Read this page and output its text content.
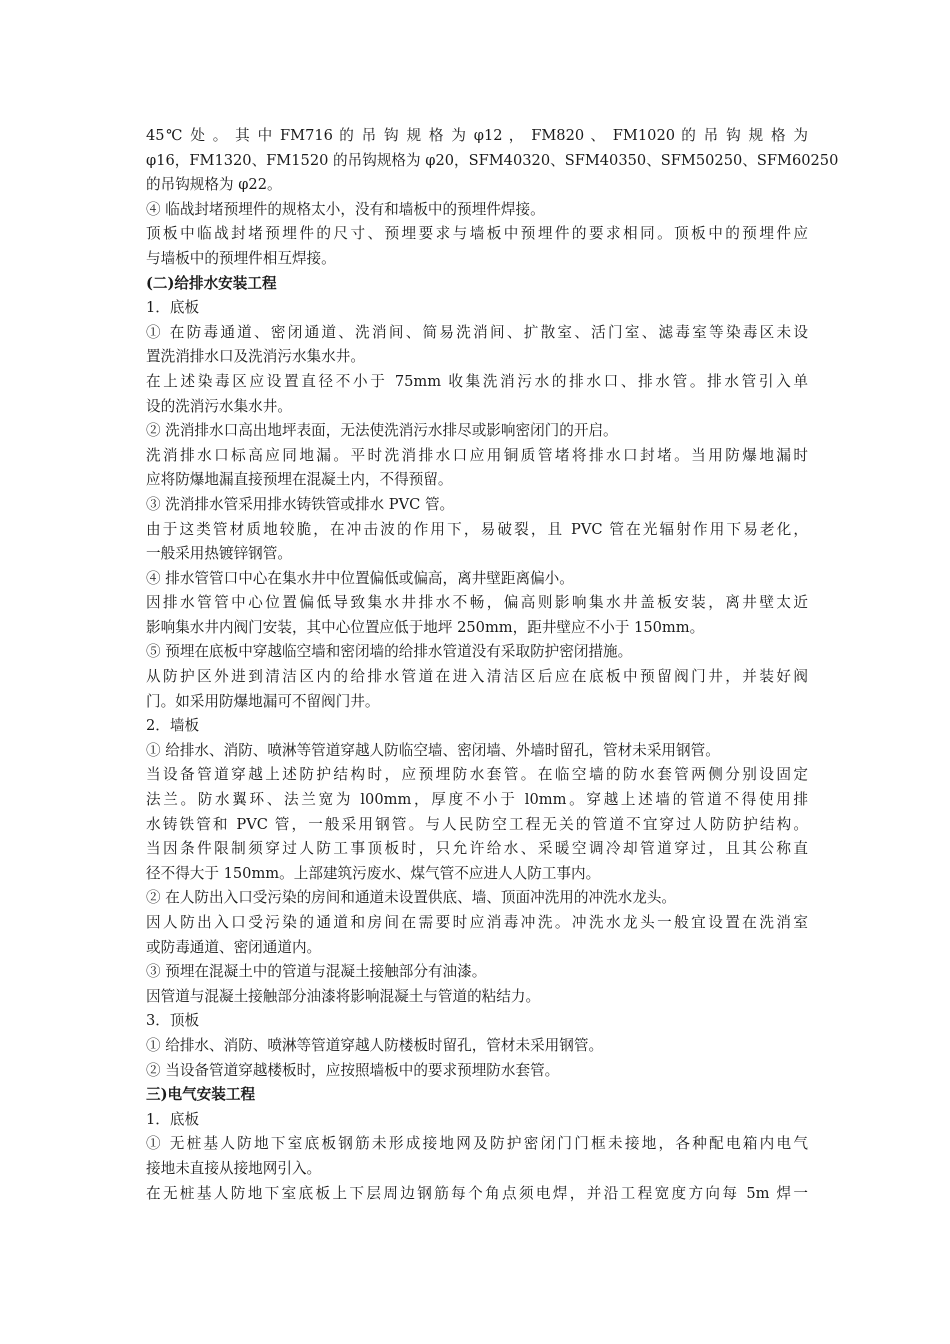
45℃ 处 。 其 中 FM716 的 吊 钩 规 格 为 φ12 ， FM820 、 FM1020 的 吊 钩 规 格 为
φ16，FM1320、FM1520 的吊钩规格为 φ20，SFM40320、SFM40350、SFM50250、SFM60250
的吊钩规格为 φ22。
④ 临战封堵预埋件的规格太小，没有和墙板中的预埋件焊接。
顶板中临战封堵预埋件的尺寸、预埋要求与墙板中预埋件的要求相同。顶板中的预埋件应
与墙板中的预埋件相互焊接。
(二)给排水安装工程
1．底板
① 在防毒通道、密闭通道、洗消间、简易洗消间、扩散室、活门室、滤毒室等染毒区未设
置洗消排水口及洗消污水集水井。
在上述染毒区应设置直径不小于 75mm 收集洗消污水的排水口、排水管。排水管引入单
设的洗消污水集水井。
② 洗消排水口高出地坪表面，无法使洗消污水排尽或影响密闭门的开启。
洗消排水口标高应同地漏。平时洗消排水口应用铜质管堵将排水口封堵。当用防爆地漏时
应将防爆地漏直接预埋在混凝土内，不得预留。
③ 洗消排水管采用排水铸铁管或排水 PVC 管。
由于这类管材质地较脆，在冲击波的作用下，易破裂，且 PVC 管在光辐射作用下易老化，
一般采用热镀锌钢管。
④ 排水管管口中心在集水井中位置偏低或偏高，离井壁距离偏小。
因排水管管中心位置偏低导致集水井排水不畅，偏高则影响集水井盖板安装，离井壁太近
影响集水井内阀门安装，其中心位置应低于地坪 250mm，距井壁应不小于 150mm。
⑤ 预埋在底板中穿越临空墙和密闭墙的给排水管道没有采取防护密闭措施。
从防护区外进到清洁区内的给排水管道在进入清洁区后应在底板中预留阀门井，并装好阀
门。如采用防爆地漏可不留阀门井。
2．墙板
① 给排水、消防、喷淋等管道穿越人防临空墙、密闭墙、外墙时留孔，管材未采用钢管。
当设备管道穿越上述防护结构时，应预埋防水套管。在临空墙的防水套管两侧分别设固定
法兰。防水翼环、法兰宽为 l00mm，厚度不小于 l0mm。穿越上述墙的管道不得使用排
水铸铁管和 PVC 管，一般采用钢管。与人民防空工程无关的管道不宜穿过人防防护结构。
当因条件限制须穿过人防工事顶板时，只允许给水、采暖空调冷却管道穿过，且其公称直
径不得大于 150mm。上部建筑污废水、煤气管不应进人人防工事内。
② 在人防出入口受污染的房间和通道未设置供底、墙、顶面冲洗用的冲洗水龙头。
因人防出入口受污染的通道和房间在需要时应消毒冲洗。冲洗水龙头一般宜设置在洗消室
或防毒通道、密闭通道内。
③ 预埋在混凝土中的管道与混凝土接触部分有油漆。
因管道与混凝土接触部分油漆将影响混凝土与管道的粘结力。
3．顶板
① 给排水、消防、喷淋等管道穿越人防楼板时留孔，管材未采用钢管。
② 当设备管道穿越楼板时，应按照墙板中的要求预埋防水套管。
三)电气安装工程
1．底板
① 无桩基人防地下室底板钢筋未形成接地网及防护密闭门门框未接地，各种配电箱内电气
接地未直接从接地网引入。
在无桩基人防地下室底板上下层周边钢筋每个角点须电焊，并沿工程宽度方向每 5m 焊一
